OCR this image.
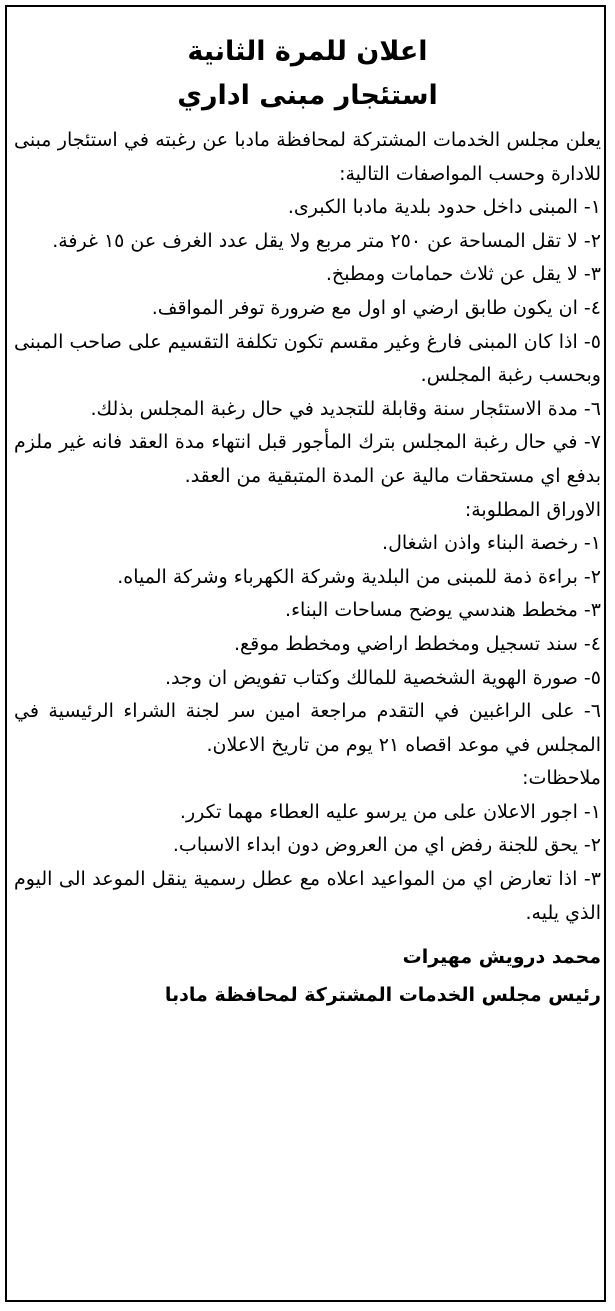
اعلان للمرة الثانية

استئجار مبنى اداري

يعلن مجلس الخدمات المشتركة لمحافظة مادبا عن رغبته في استئجار مبنى للادارة وحسب المواصفات التالية:

١- المبنى داخل حدود بلدية مادبا الكبرى.

٢- لا تقل المساحة عن ٢٥٠ متر مربع ولا يقل عدد الغرف عن ١٥ غرفة.

٣- لا يقل عن ثلاث حمامات ومطبخ.

٤- ان يكون طابق ارضي او اول مع ضرورة توفر المواقف.

٥- اذا كان المبنى فارغ وغير مقسم تكون تكلفة التقسيم على صاحب المبنى وبحسب رغبة المجلس.

٦- مدة الاستئجار سنة وقابلة للتجديد في حال رغبة المجلس بذلك.

٧- في حال رغبة المجلس بترك المأجور قبل انتهاء مدة العقد فانه غير ملزم بدفع اي مستحقات مالية عن المدة المتبقية من العقد.

الاوراق المطلوبة:

١- رخصة البناء واذن اشغال.

٢- براءة ذمة للمبنى من البلدية وشركة الكهرباء وشركة المياه.

٣- مخطط هندسي يوضح مساحات البناء.

٤- سند تسجيل ومخطط اراضي ومخطط موقع.

٥- صورة الهوية الشخصية للمالك وكتاب تفويض ان وجد.

٦- على الراغبين في التقدم مراجعة امين سر لجنة الشراء الرئيسية في المجلس في موعد اقصاه ٢١ يوم من تاريخ الاعلان.

ملاحظات:

١- اجور الاعلان على من يرسو عليه العطاء مهما تكرر.

٢- يحق للجنة رفض اي من العروض دون ابداء الاسباب.

٣- اذا تعارض اي من المواعيد اعلاه مع عطل رسمية ينقل الموعد الى اليوم الذي يليه.

محمد درويش مهيرات

رئيس مجلس الخدمات المشتركة لمحافظة مادبا
